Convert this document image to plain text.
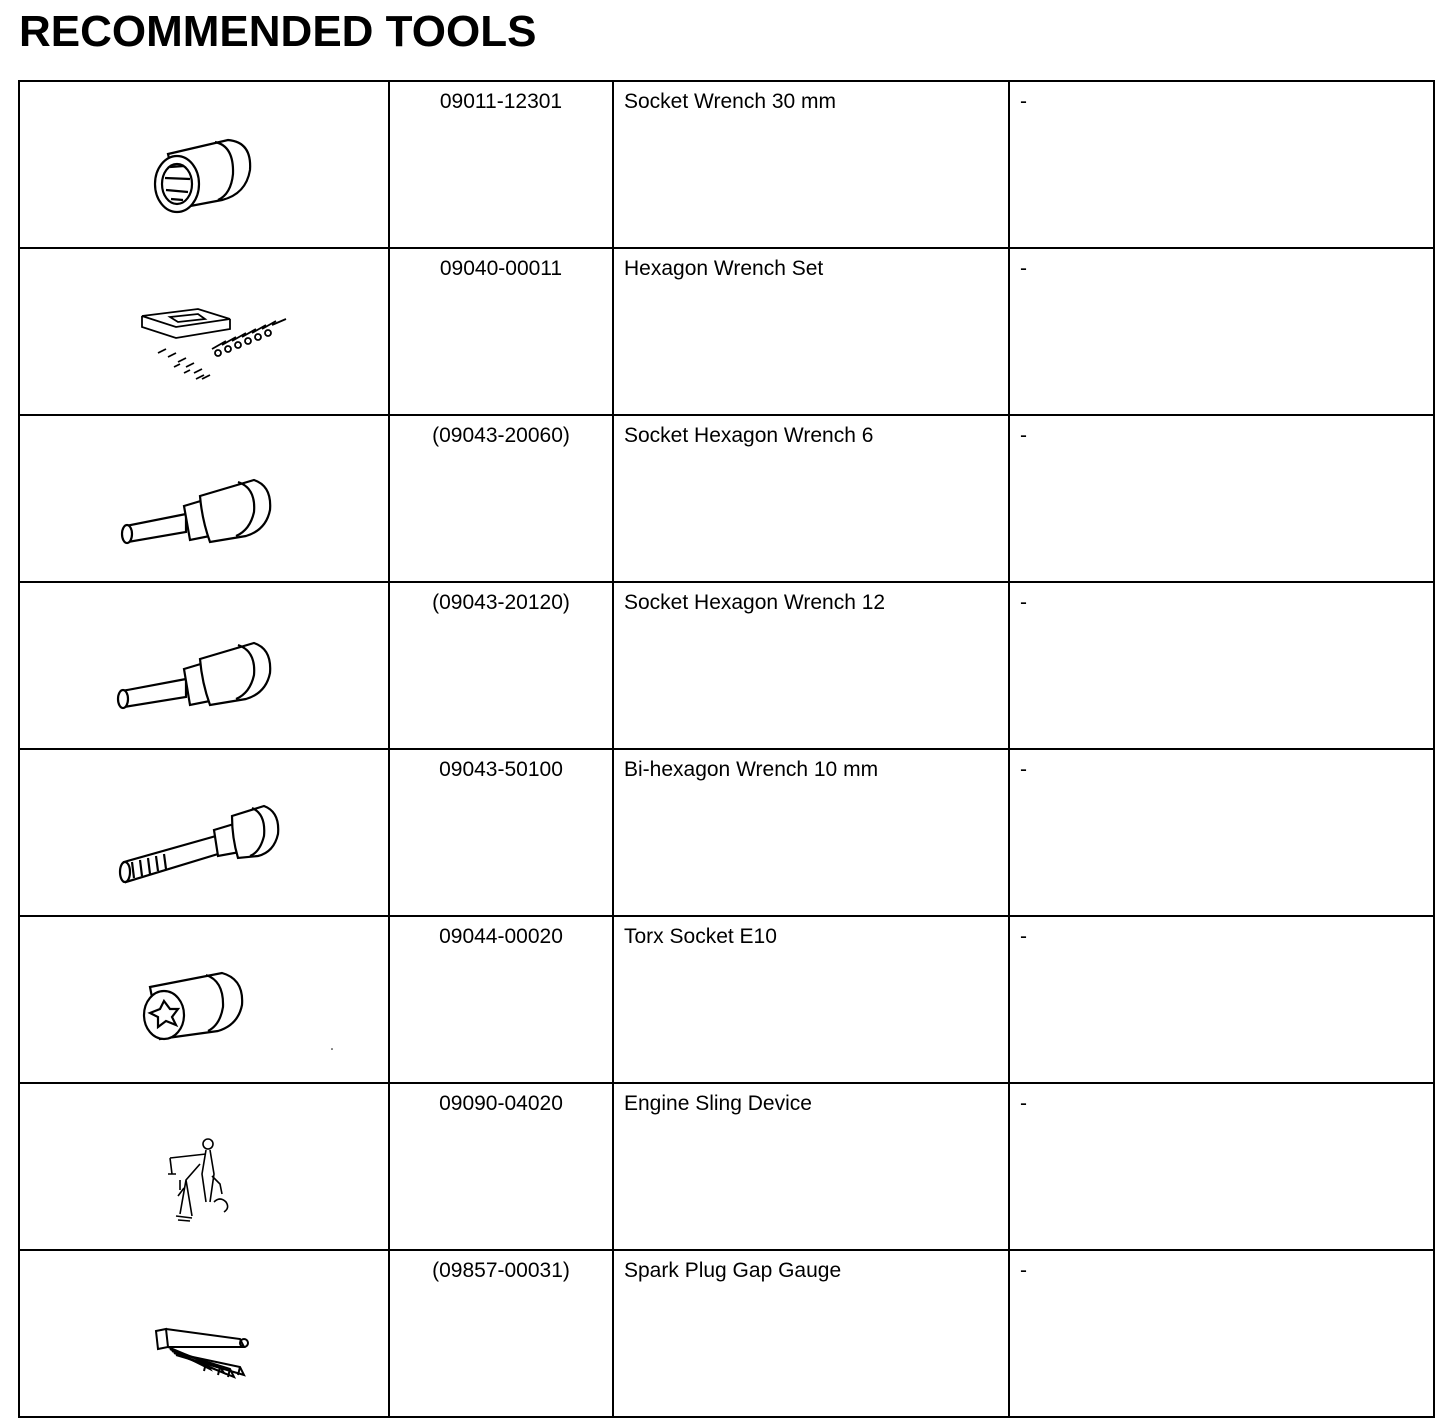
RECOMMENDED TOOLS
	09011-12301	Socket Wrench 30 mm	-

	09040-00011	Hexagon Wrench Set	-

	(09043-20060)	Socket Hexagon Wrench 6	-

	(09043-20120)	Socket Hexagon Wrench 12	-

	09043-50100	Bi-hexagon Wrench 10 mm	-

	09044-00020	Torx Socket E10	-

	09090-04020	Engine Sling Device	-

	(09857-00031)	Spark Plug Gap Gauge	-
